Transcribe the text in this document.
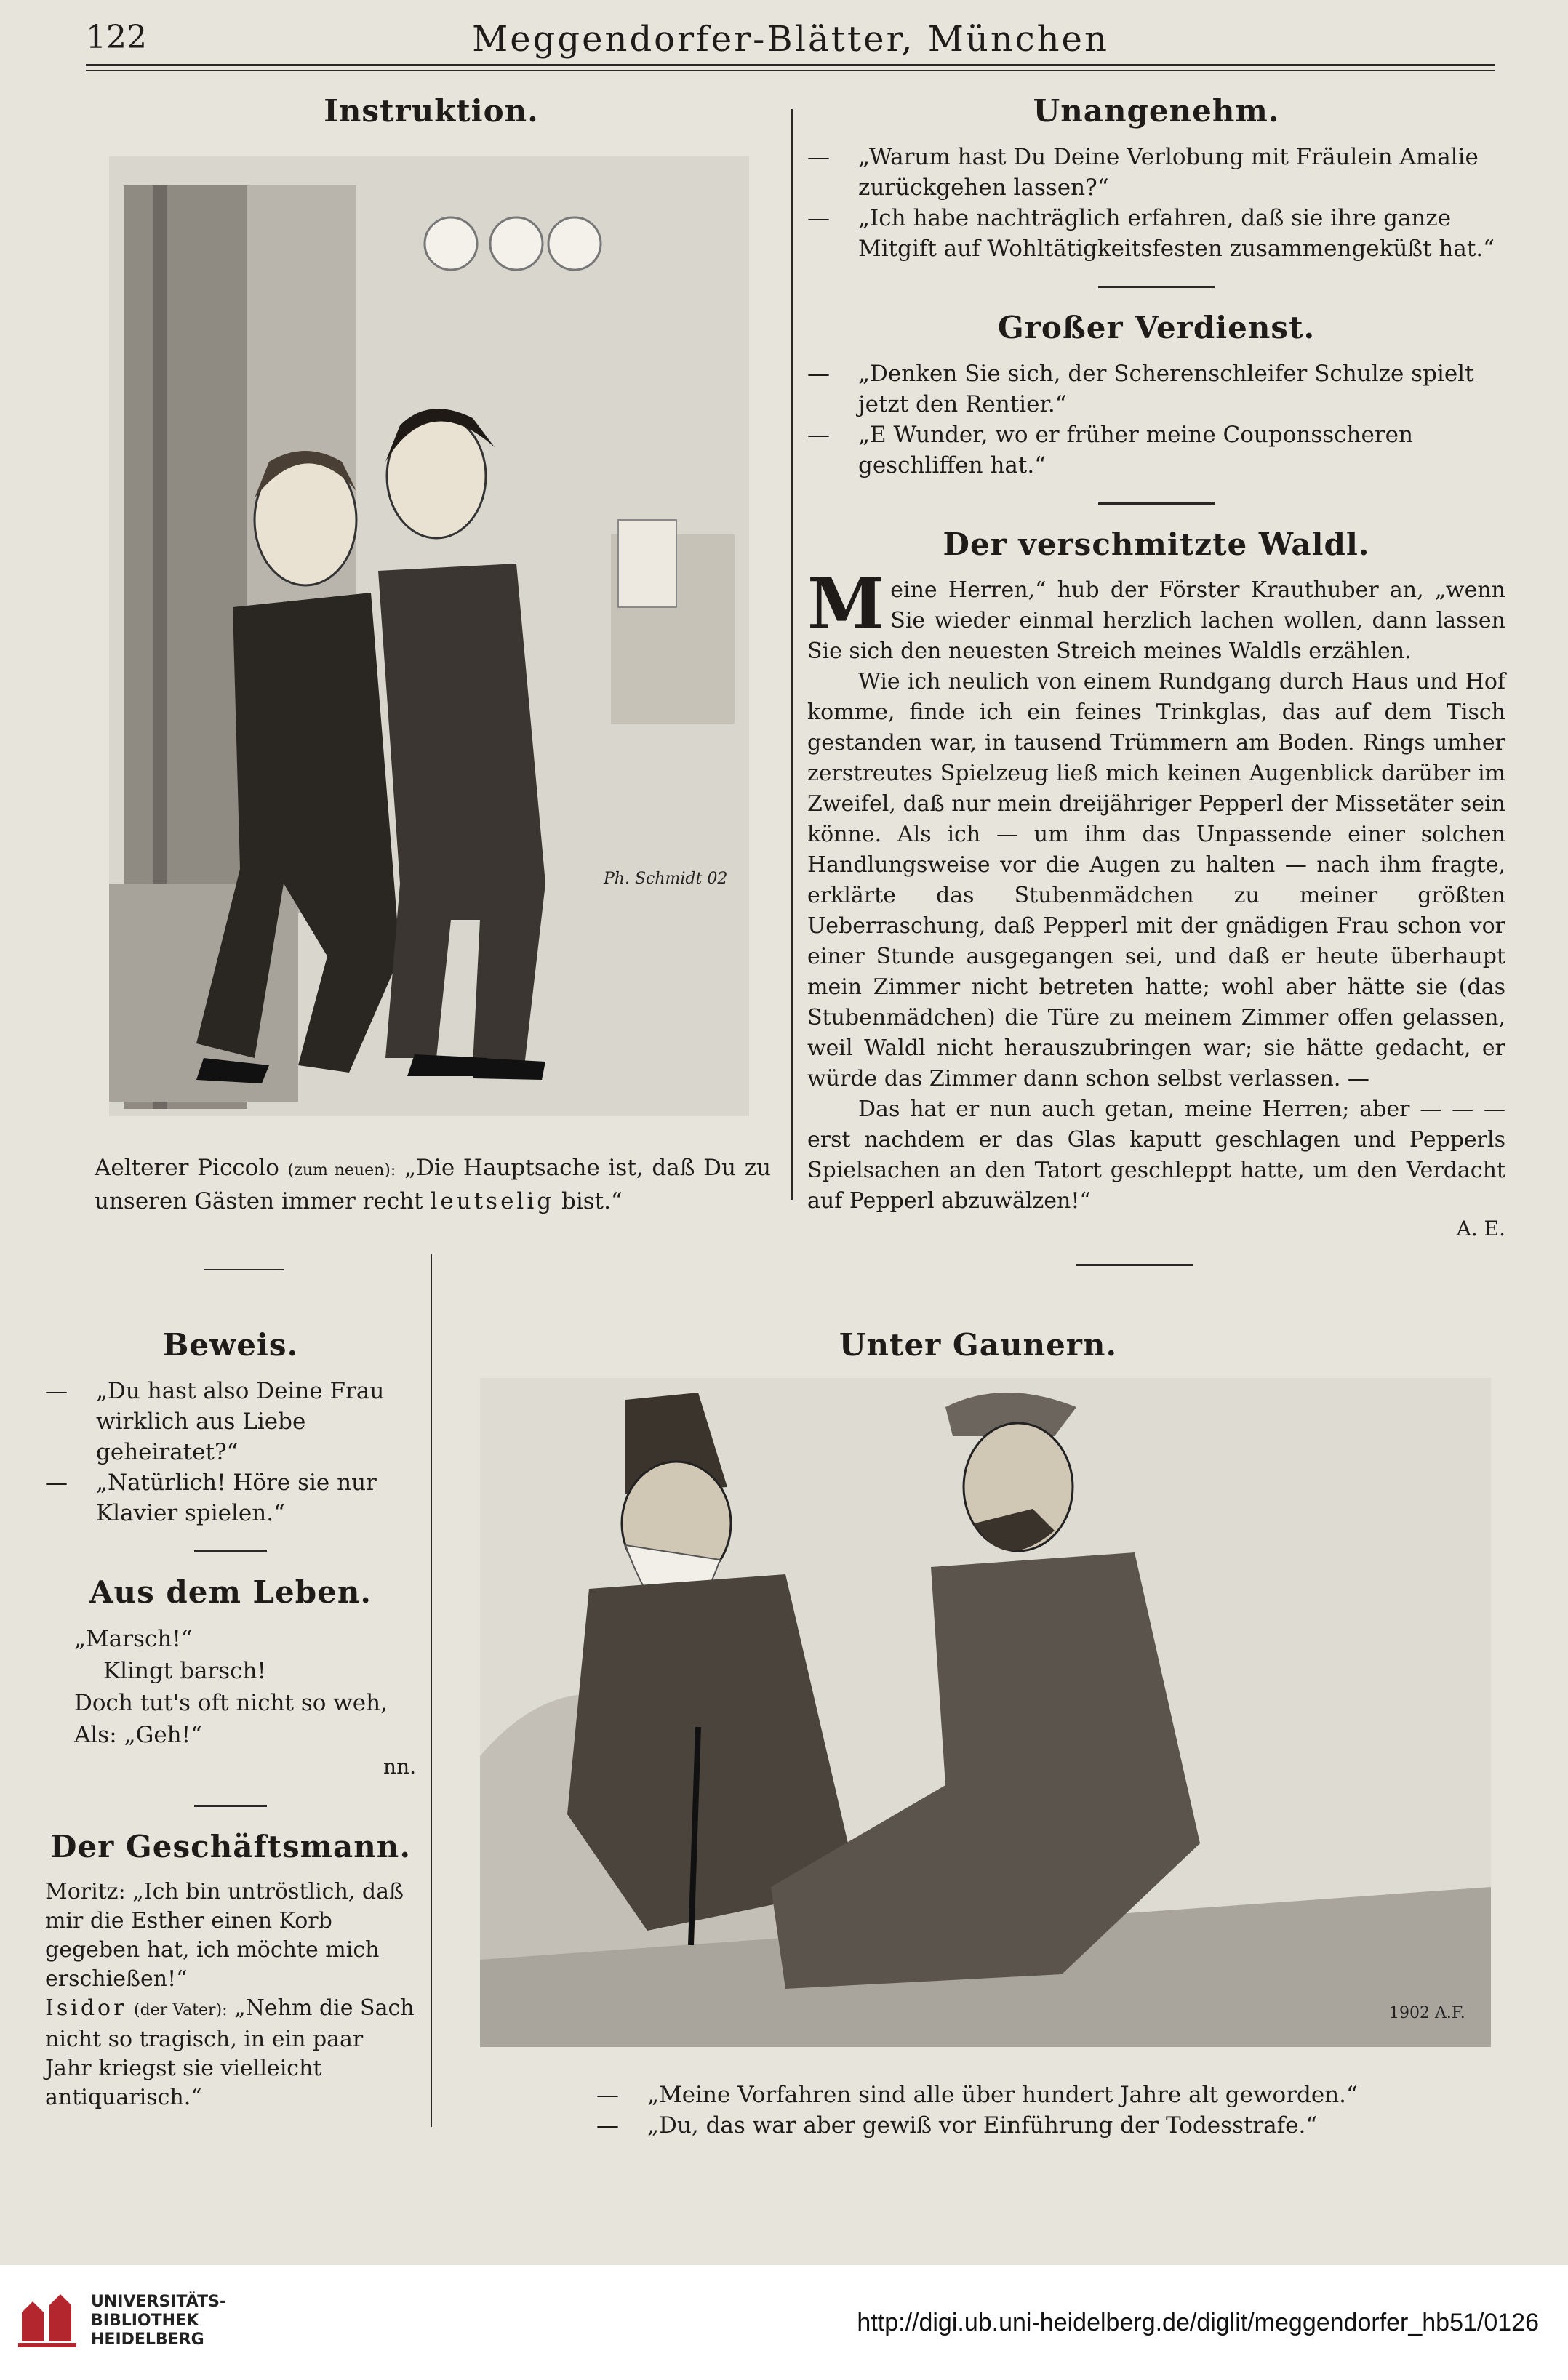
122	Meggendorfer-Blätter, München
Instruktion.
Ph. Schmidt 02
Aelterer Piccolo (zum neuen): „Die Hauptsache ist, daß Du zu unseren Gästen immer recht leutselig bist.“
Unangenehm.
— „Warum hast Du Deine Verlobung mit Fräulein Amalie zurückgehen lassen?“
— „Ich habe nachträglich erfahren, daß sie ihre ganze Mitgift auf Wohltätigkeitsfesten zusammengeküßt hat.“
Großer Verdienst.
— „Denken Sie sich, der Scherenschleifer Schulze spielt jetzt den Rentier.“
— „E Wunder, wo er früher meine Couponsscheren geschliffen hat.“
Der verschmitzte Waldl.

Meine Herren,“ hub der Förster Krauthuber an, „wenn Sie wieder einmal herzlich lachen wollen, dann lassen Sie sich den neuesten Streich meines Waldls erzählen.

Wie ich neulich von einem Rundgang durch Haus und Hof komme, finde ich ein feines Trinkglas, das auf dem Tisch gestanden war, in tausend Trümmern am Boden. Rings umher zerstreutes Spielzeug ließ mich keinen Augenblick darüber im Zweifel, daß nur mein dreijähriger Pepperl der Missetäter sein könne. Als ich — um ihm das Unpassende einer solchen Handlungsweise vor die Augen zu halten — nach ihm fragte, erklärte das Stubenmädchen zu meiner größten Ueberraschung, daß Pepperl mit der gnädigen Frau schon vor einer Stunde ausgegangen sei, und daß er heute überhaupt mein Zimmer nicht betreten hatte; wohl aber hätte sie (das Stubenmädchen) die Türe zu meinem Zimmer offen gelassen, weil Waldl nicht herauszubringen war; sie hätte gedacht, er würde das Zimmer dann schon selbst verlassen. —

Das hat er nun auch getan, meine Herren; aber — — — erst nachdem er das Glas kaputt geschlagen und Pepperls Spielsachen an den Tatort geschleppt hatte, um den Verdacht auf Pepperl abzuwälzen!“

A. E.
Beweis.
— „Du hast also Deine Frau wirklich aus Liebe geheiratet?“
— „Natürlich! Höre sie nur Klavier spielen.“
Aus dem Leben.
„Marsch!“
Klingt barsch!
Doch tut's oft nicht so weh,
Als: „Geh!“
nn.
Der Geschäftsmann.
Moritz: „Ich bin untröstlich, daß mir die Esther einen Korb gegeben hat, ich möchte mich erschießen!“
Isidor (der Vater): „Nehm die Sach nicht so tragisch, in ein paar Jahr kriegst sie vielleicht antiquarisch.“
Unter Gaunern.
1902 A.F.
— „Meine Vorfahren sind alle über hundert Jahre alt geworden.“
— „Du, das war aber gewiß vor Einführung der Todesstrafe.“
UNIVERSITÄTS-
BIBLIOTHEK
HEIDELBERG
http://digi.ub.uni-heidelberg.de/diglit/meggendorfer_hb51/0126
